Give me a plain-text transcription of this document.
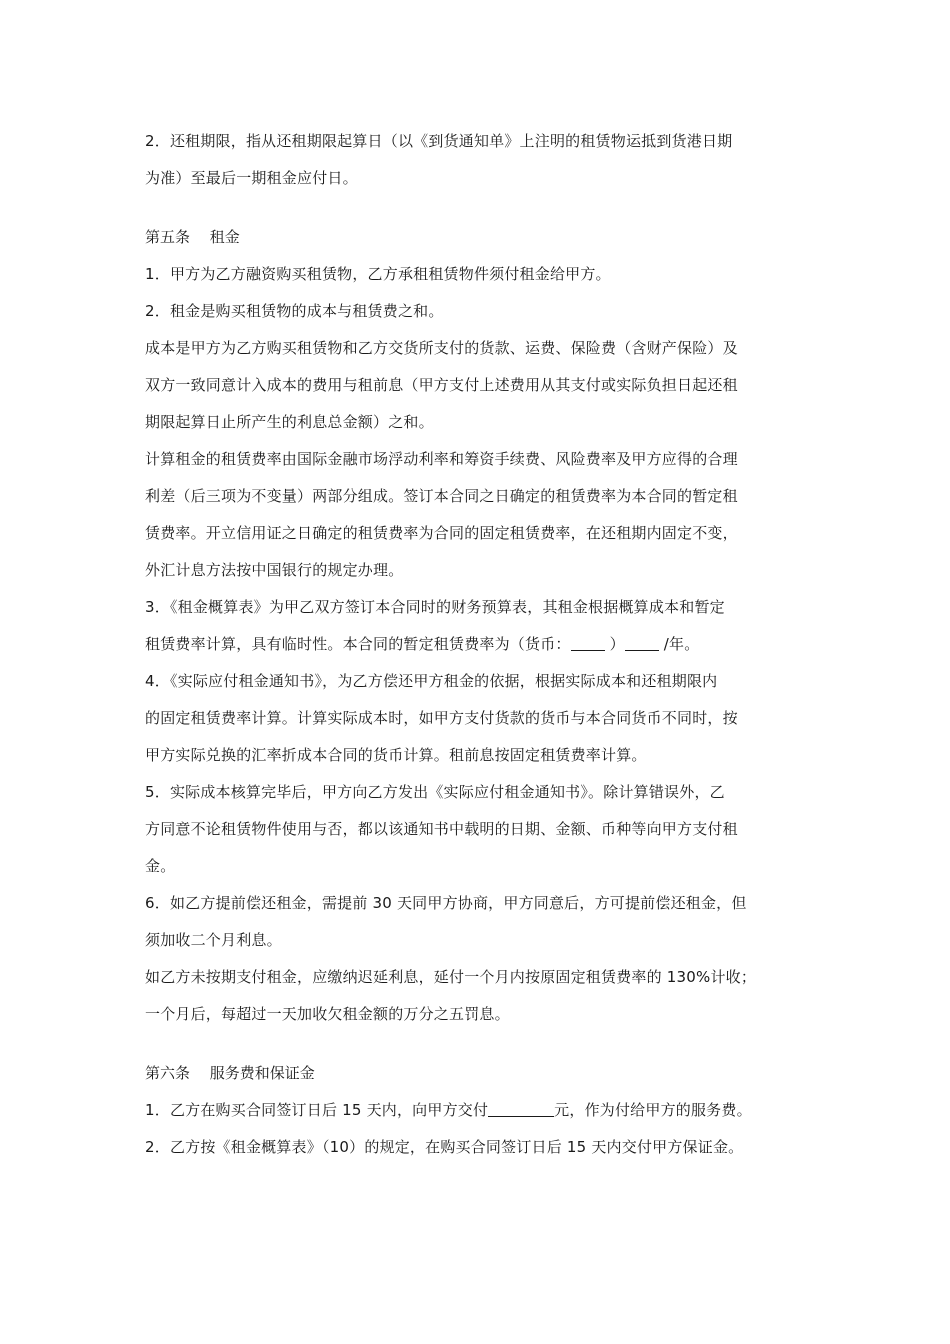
2．还租期限，指从还租期限起算日（以《到货通知单》上注明的租赁物运抵到货港日期
为准）至最后一期租金应付日。
第五条　 租金
1．甲方为乙方融资购买租赁物，乙方承租租赁物件须付租金给甲方。
2．租金是购买租赁物的成本与租赁费之和。
成本是甲方为乙方购买租赁物和乙方交货所支付的货款、运费、保险费（含财产保险）及
双方一致同意计入成本的费用与租前息（甲方支付上述费用从其支付或实际负担日起还租
期限起算日止所产生的利息总金额）之和。
计算租金的租赁费率由国际金融市场浮动利率和筹资手续费、风险费率及甲方应得的合理
利差（后三项为不变量）两部分组成。签订本合同之日确定的租赁费率为本合同的暂定租
赁费率。开立信用证之日确定的租赁费率为合同的固定租赁费率，在还租期内固定不变，
外汇计息方法按中国银行的规定办理。
3．《租金概算表》为甲乙双方签订本合同时的财务预算表，其租金根据概算成本和暂定
租赁费率计算，具有临时性。本合同的暂定租赁费率为（货币：	）	/年。
4．《实际应付租金通知书》，为乙方偿还甲方租金的依据，根据实际成本和还租期限内
的固定租赁费率计算。计算实际成本时，如甲方支付货款的货币与本合同货币不同时，按
甲方实际兑换的汇率折成本合同的货币计算。租前息按固定租赁费率计算。
5．实际成本核算完毕后，甲方向乙方发出《实际应付租金通知书》。除计算错误外，乙
方同意不论租赁物件使用与否，都以该通知书中载明的日期、金额、币种等向甲方支付租
金。
6．如乙方提前偿还租金，需提前 30 天同甲方协商，甲方同意后，方可提前偿还租金，但
须加收二个月利息。
如乙方未按期支付租金，应缴纳迟延利息，延付一个月内按原固定租赁费率的 130%计收；
一个月后，每超过一天加收欠租金额的万分之五罚息。
第六条　 服务费和保证金
1．乙方在购买合同签订日后 15 天内，向甲方交付	元，作为付给甲方的服务费。
2．乙方按《租金概算表》（10）的规定，在购买合同签订日后 15 天内交付甲方保证金。
